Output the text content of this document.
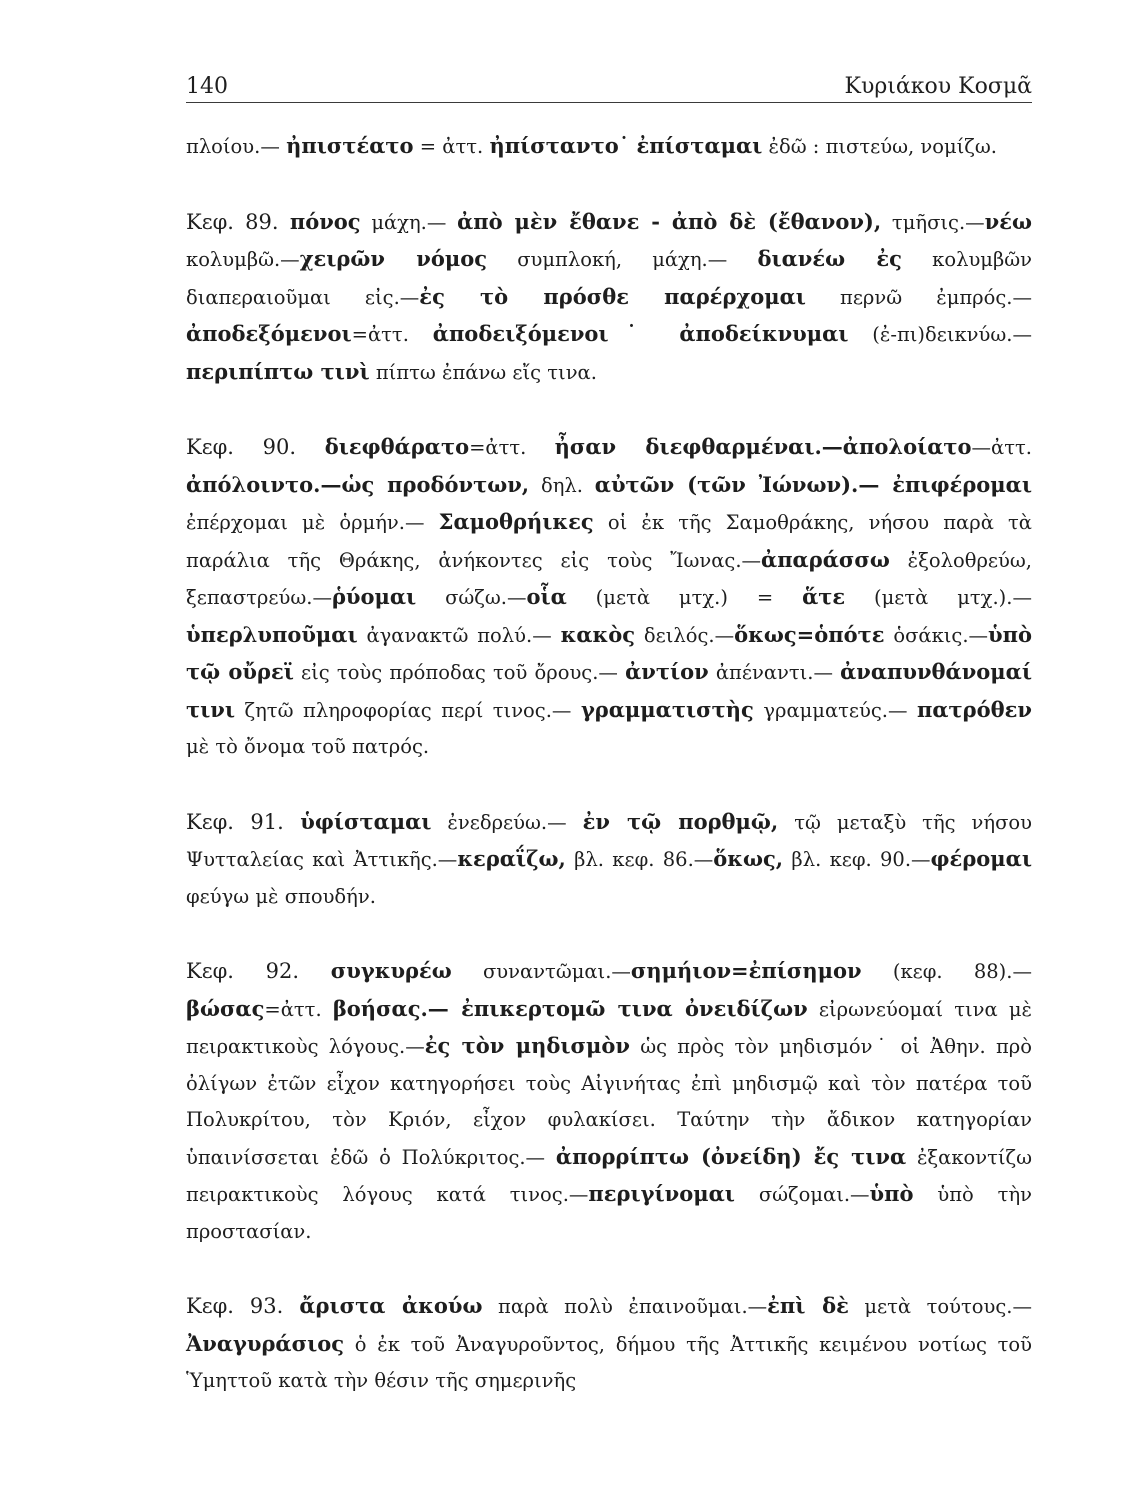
140	Κυριάκου Κοσμᾶ

πλοίου.— ἠπιστέατο = ἀττ. ἠπίσταντο˙ ἐπίσταμαι ἐδῶ : πιστεύω, νομίζω.

Κεφ. 89. πόνος μάχη.— ἀπὸ μὲν ἔθανε - ἀπὸ δὲ (ἔθανον), τμῆσις.—νέω κολυμβῶ.—χειρῶν νόμος συμπλοκή, μάχη.— διανέω ἐς κολυμβῶν διαπεραιοῦμαι εἰς.—ἐς τὸ πρόσθε παρέρχομαι περνῶ ἐμπρός.— ἀποδεξόμενοι=ἀττ. ἀποδειξόμενοι˙ ἀποδείκνυμαι (ἐ-πι)δεικνύω.—περιπίπτω τινὶ πίπτω ἐπάνω εἴς τινα.

Κεφ. 90. διεφθάρατο=ἀττ. ἦσαν διεφθαρμέναι.—ἀπολοίατο—ἀττ. ἀπόλοιντο.—ὡς προδόντων, δηλ. αὐτῶν (τῶν Ἰώνων).— ἐπιφέρομαι ἐπέρχομαι μὲ ὁρμήν.— Σαμοθρήικες οἱ ἐκ τῆς Σαμοθράκης, νήσου παρὰ τὰ παράλια τῆς Θράκης, ἀνήκοντες εἰς τοὺς Ἴωνας.—ἀπαράσσω ἐξολοθρεύω, ξεπαστρεύω.—ῥύομαι σώζω.—οἷα (μετὰ μτχ.) = ἅτε (μετὰ μτχ.).— ὑπερλυποῦμαι ἀγανακτῶ πολύ.— κακὸς δειλός.—ὅκως=ὁπότε ὁσάκις.—ὑπὸ τῷ οὔρεϊ εἰς τοὺς πρόποδας τοῦ ὄρους.— ἀντίον ἀπέναντι.— ἀναπυνθάνομαί τινι ζητῶ πληροφορίας περί τινος.— γραμματιστὴς γραμματεύς.— πατρόθεν μὲ τὸ ὄνομα τοῦ πατρός.

Κεφ. 91. ὑφίσταμαι ἐνεδρεύω.— ἐν τῷ πορθμῷ, τῷ μεταξὺ τῆς νήσου Ψυτταλείας καὶ Ἀττικῆς.—κεραΐζω, βλ. κεφ. 86.—ὅκως, βλ. κεφ. 90.—φέρομαι φεύγω μὲ σπουδήν.

Κεφ. 92. συγκυρέω συναντῶμαι.—σημήιον=ἐπίσημον (κεφ. 88).— βώσας=ἀττ. βοήσας.— ἐπικερτομῶ τινα ὀνειδίζων εἰρωνεύομαί τινα μὲ πειρακτικοὺς λόγους.—ἐς τὸν μηδισμὸν ὡς πρὸς τὸν μηδισμόν˙ οἱ Ἀθην. πρὸ ὀλίγων ἐτῶν εἶχον κατηγορήσει τοὺς Αἰγινήτας ἐπὶ μηδισμῷ καὶ τὸν πατέρα τοῦ Πολυκρίτου, τὸν Κριόν, εἶχον φυλακίσει. Ταύτην τὴν ἄδικον κατηγορίαν ὑπαινίσσεται ἐδῶ ὁ Πολύκριτος.— ἀπορρίπτω (ὀνείδη) ἔς τινα ἐξακοντίζω πειρακτικοὺς λόγους κατά τινος.—περιγίνομαι σώζομαι.—ὑπὸ ὑπὸ τὴν προστασίαν.

Κεφ. 93. ἄριστα ἀκούω παρὰ πολὺ ἐπαινοῦμαι.—ἐπὶ δὲ μετὰ τούτους.—Ἀναγυράσιος ὁ ἐκ τοῦ Ἀναγυροῦντος, δήμου τῆς Ἀττικῆς κειμένου νοτίως τοῦ Ὑμηττοῦ κατὰ τὴν θέσιν τῆς σημερινῆς
